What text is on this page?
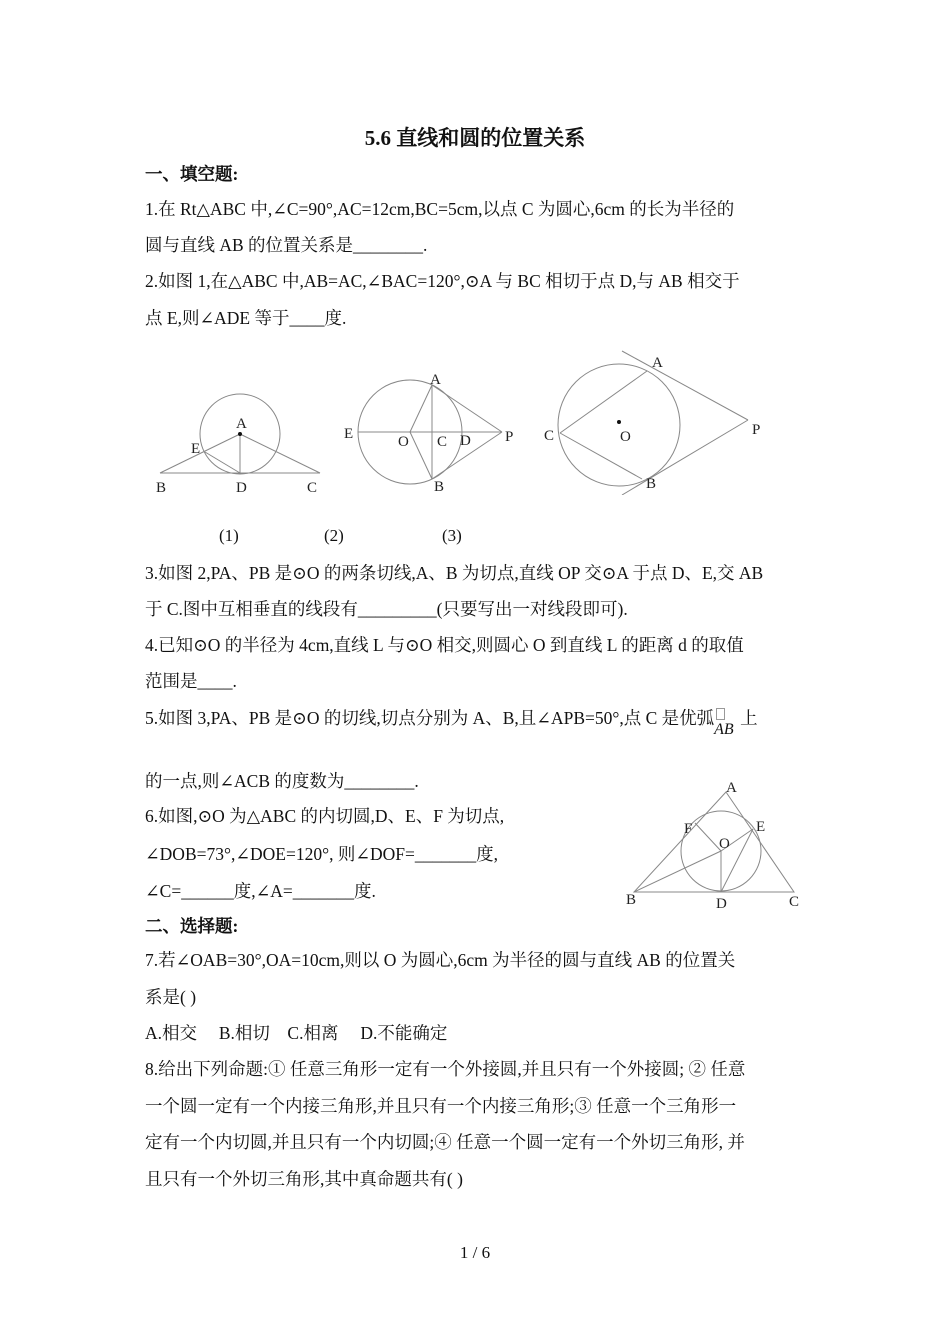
5.6 直线和圆的位置关系
一、填空题:
1.在 Rt△ABC 中,∠C=90°,AC=12cm,BC=5cm,以点 C 为圆心,6cm 的长为半径的
圆与直线 AB 的位置关系是________.
2.如图 1,在△ABC 中,AB=AC,∠BAC=120°,⊙A 与 BC 相切于点 D,与 AB 相交于
点 E,则∠ADE 等于____度.
A
E
B	D	C
A
E	O C D P
B
A
C	O	P
B
(1)	(2)	(3)
3.如图 2,PA、PB 是⊙O 的两条切线,A、B 为切点,直线 OP 交⊙A 于点 D、E,交 AB
于 C.图中互相垂直的线段有_________(只要写出一对线段即可).
4.已知⊙O 的半径为 4cm,直线 L 与⊙O 相交,则圆心 O 到直线 L 的距离 d 的取值
范围是____.
5.如图 3,PA、PB 是⊙O 的切线,切点分别为 A、B,且∠APB=50°,点 C 是优弧
AB
上
的一点,则∠ACB 的度数为________.
6.如图,⊙O 为△ABC 的内切圆,D、E、F 为切点,
∠DOB=73°,∠DOE=120°, 则∠DOF=_______度,
∠C=______度,∠A=_______度.
A
F	E
O
B	D	C
二、选择题:
7.若∠OAB=30°,OA=10cm,则以 O 为圆心,6cm 为半径的圆与直线 AB 的位置关
系是( )
A.相交     B.相切    C.相离     D.不能确定
8.给出下列命题:① 任意三角形一定有一个外接圆,并且只有一个外接圆; ② 任意
一个圆一定有一个内接三角形,并且只有一个内接三角形;③ 任意一个三角形一
定有一个内切圆,并且只有一个内切圆;④ 任意一个圆一定有一个外切三角形, 并
且只有一个外切三角形,其中真命题共有( )
1 / 6
